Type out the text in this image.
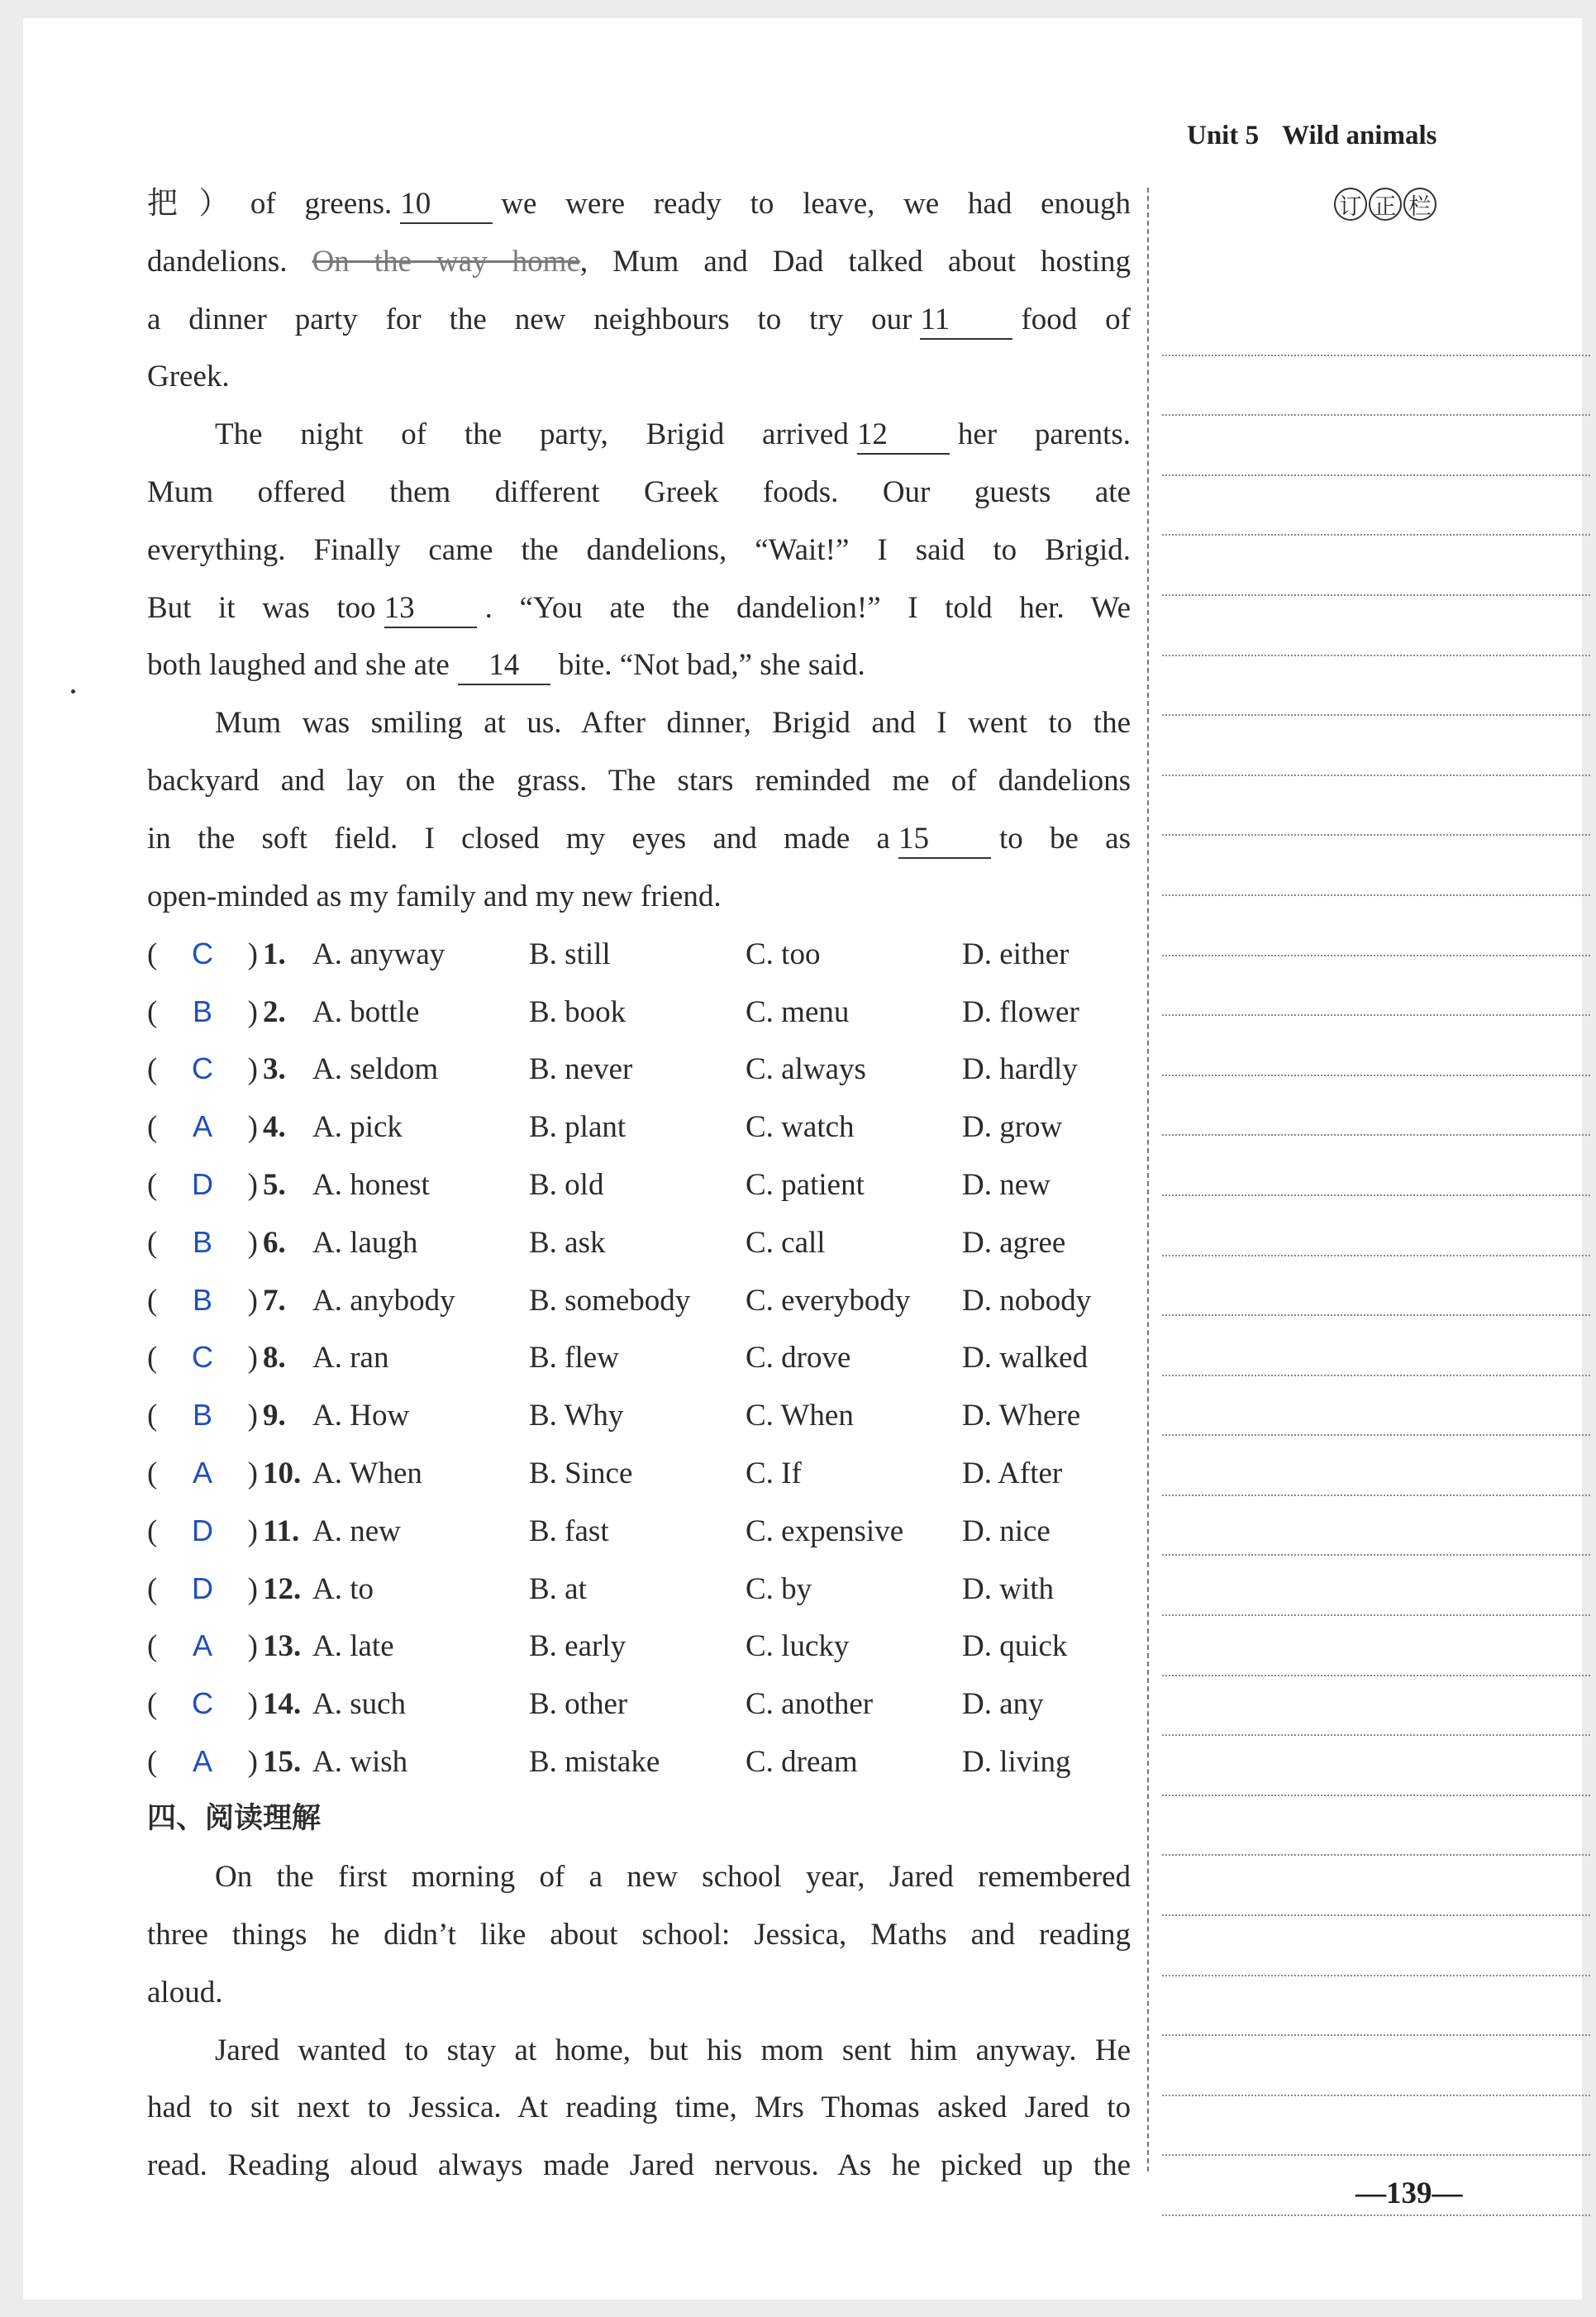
Unit 5 Wild animals
把）of greens. 10 we were ready to leave, we had enough
dandelions. On the way home, Mum and Dad talked about hosting
a dinner party for the new neighbours to try our 11 food of
Greek.
The night of the party, Brigid arrived 12 her parents.
Mum offered them different Greek foods. Our guests ate
everything. Finally came the dandelions, “Wait!” I said to Brigid.
But it was too 13 . “You ate the dandelion!” I told her. We
both laughed and she ate 14 bite. “Not bad,” she said.
Mum was smiling at us. After dinner, Brigid and I went to the
backyard and lay on the grass. The stars reminded me of dandelions
in the soft field. I closed my eyes and made a 15 to be as
open-minded as my family and my new friend.
( C ) 1. A. anyway	B. still	C. too	D. either
( B ) 2. A. bottle	B. book	C. menu	D. flower
( C ) 3. A. seldom	B. never	C. always	D. hardly
( A ) 4. A. pick	B. plant	C. watch	D. grow
( D ) 5. A. honest	B. old	C. patient	D. new
( B ) 6. A. laugh	B. ask	C. call	D. agree
( B ) 7. A. anybody	B. somebody	C. everybody	D. nobody
( C ) 8. A. ran	B. flew	C. drove	D. walked
( B ) 9. A. How	B. Why	C. When	D. Where
( A ) 10. A. When	B. Since	C. If	D. After
( D ) 11. A. new	B. fast	C. expensive	D. nice
( D ) 12. A. to	B. at	C. by	D. with
( A ) 13. A. late	B. early	C. lucky	D. quick
( C ) 14. A. such	B. other	C. another	D. any
( A ) 15. A. wish	B. mistake	C. dream	D. living
四、阅读理解
On the first morning of a new school year, Jared remembered
three things he didn’t like about school: Jessica, Maths and reading
aloud.
Jared wanted to stay at home, but his mom sent him anyway. He
had to sit next to Jessica. At reading time, Mrs Thomas asked Jared to
read. Reading aloud always made Jared nervous. As he picked up the
订 正 栏
—139—
